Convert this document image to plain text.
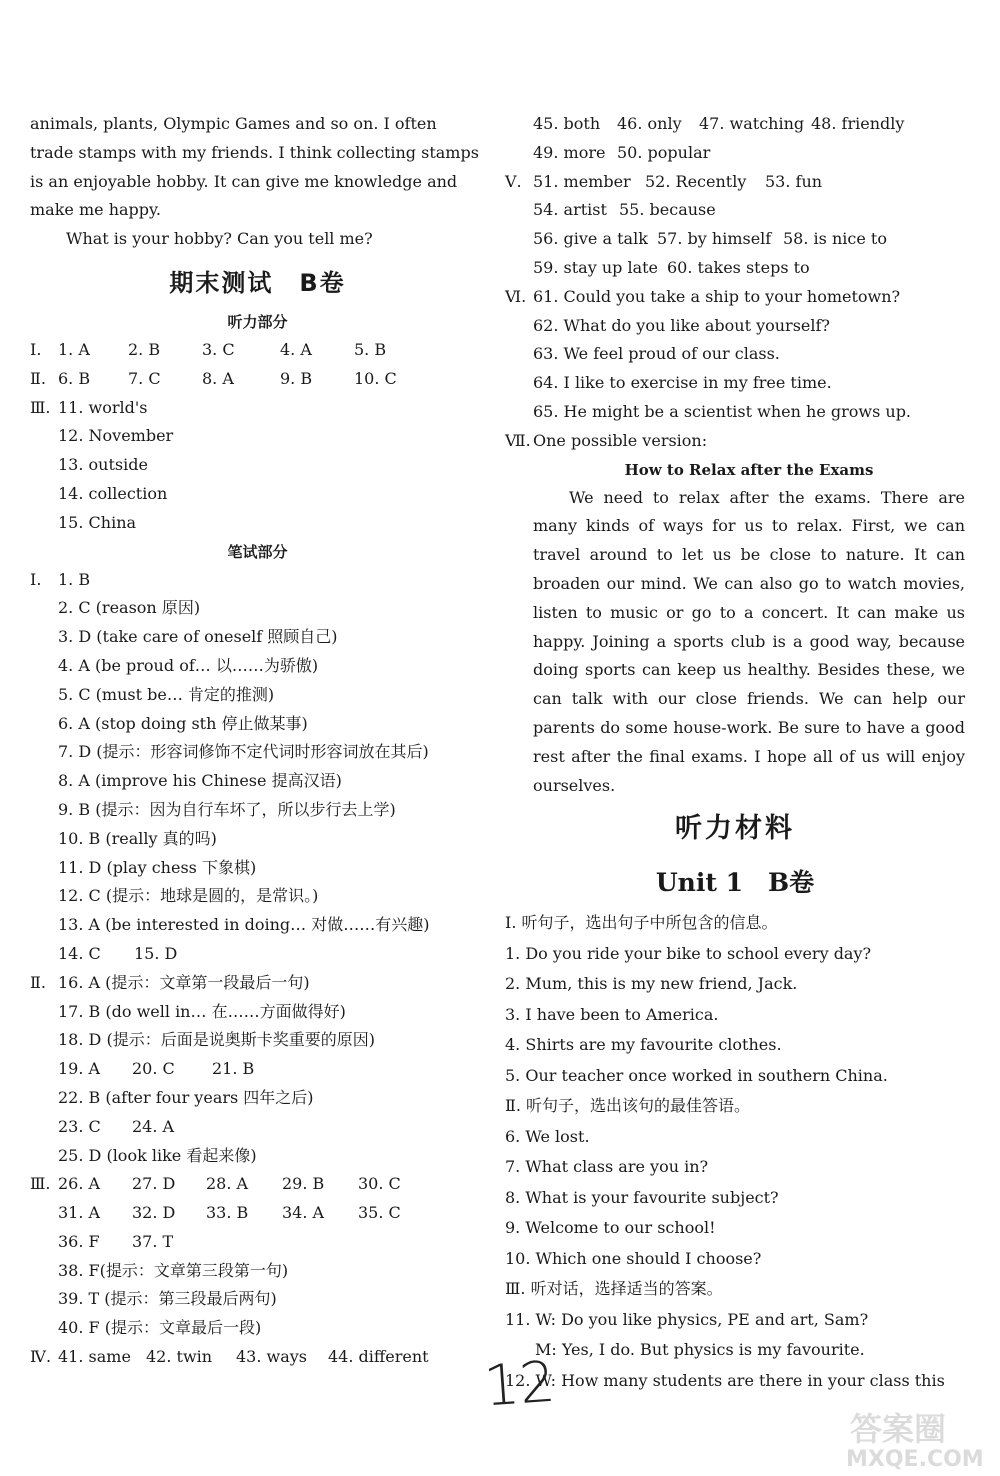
animals, plants, Olympic Games and so on. I often
trade stamps with my friends. I think collecting stamps
is an enjoyable hobby. It can give me knowledge and
make me happy.
What is your hobby? Can you tell me?
期末测试　B卷
听力部分
Ⅰ.	1. A	2. B	3. C	4. A	5. B
Ⅱ. 6. B	7. C	8. A	9. B	10. C
Ⅲ. 11. world's
12. November
13. outside
14. collection
15. China
笔试部分
Ⅰ.	1. B
2. C (reason 原因)
3. D (take care of oneself 照顾自己)
4. A (be proud of… 以……为骄傲)
5. C (must be… 肯定的推测)
6. A (stop doing sth 停止做某事)
7. D (提示：形容词修饰不定代词时形容词放在其后)
8. A (improve his Chinese 提高汉语)
9. B (提示：因为自行车坏了，所以步行去上学)
10. B (really 真的吗)
11. D (play chess 下象棋)
12. C (提示：地球是圆的，是常识。)
13. A (be interested in doing… 对做……有兴趣)
14. C	15. D
Ⅱ. 16. A (提示：文章第一段最后一句)
17. B (do well in… 在……方面做得好)
18. D (提示：后面是说奥斯卡奖重要的原因)
19. A	20. C	21. B
22. B (after four years 四年之后)
23. C	24. A
25. D (look like 看起来像)
Ⅲ. 26. A	27. D	28. A	29. B	30. C
31. A	32. D	33. B	34. A	35. C
36. F	37. T
38. F(提示：文章第三段第一句)
39. T (提示：第三段最后两句)
40. F (提示：文章最后一段)
Ⅳ. 41. same 42. twin	43. ways	44. different
45. both	46. only	47. watching 48. friendly
49. more 50. popular
Ⅴ. 51. member 52. Recently	53. fun
54. artist 55. because
56. give a talk 57. by himself 58. is nice to
59. stay up late 60. takes steps to
Ⅵ. 61. Could you take a ship to your hometown?
62. What do you like about yourself?
63. We feel proud of our class.
64. I like to exercise in my free time.
65. He might be a scientist when he grows up.
Ⅶ. One possible version:
How to Relax after the Exams
We need to relax after the exams. There are many kinds of ways for us to relax. First, we can travel around to let us be close to nature. It can broaden our mind. We can also go to watch movies, listen to music or go to a concert. It can make us happy. Joining a sports club is a good way, because doing sports can keep us healthy. Besides these, we can talk with our close friends. We can help our parents do some house-work. Be sure to have a good rest after the final exams. I hope all of us will enjoy ourselves.
听力材料
Unit 1　B卷
Ⅰ. 听句子，选出句子中所包含的信息。
1. Do you ride your bike to school every day?
2. Mum, this is my new friend, Jack.
3. I have been to America.
4. Shirts are my favourite clothes.
5. Our teacher once worked in southern China.
Ⅱ. 听句子，选出该句的最佳答语。
6. We lost.
7. What class are you in?
8. What is your favourite subject?
9. Welcome to our school!
10. Which one should I choose?
Ⅲ. 听对话，选择适当的答案。
11. W: Do you like physics, PE and art, Sam?
M: Yes, I do. But physics is my favourite.
12. W: How many students are there in your class this
12
答案圈
MXQE.COM
